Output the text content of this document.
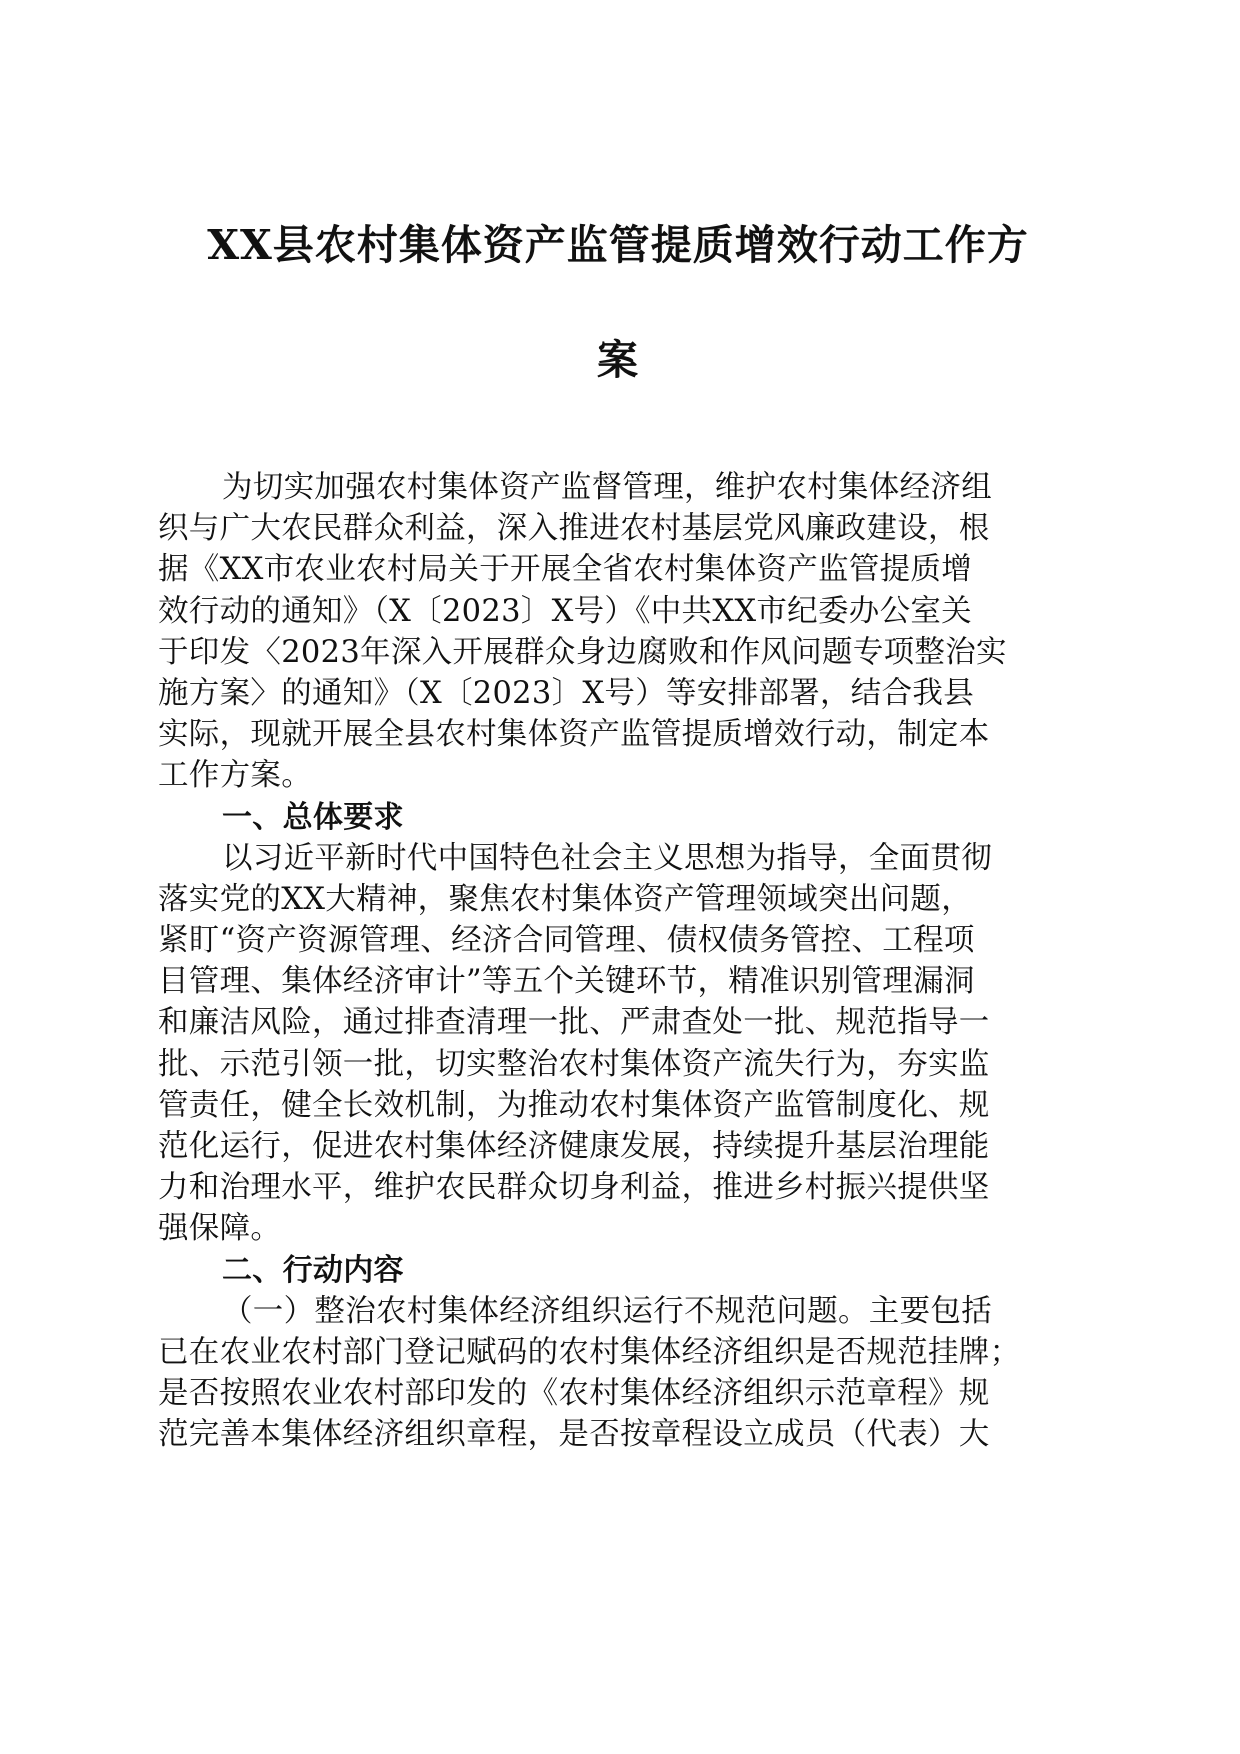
XX县农村集体资产监管提质增效行动工作方
案
为切实加强农村集体资产监督管理，维护农村集体经济组
织与广大农民群众利益，深入推进农村基层党风廉政建设，根
据《XX市农业农村局关于开展全省农村集体资产监管提质增
效行动的通知》（X〔2023〕X号）《中共XX市纪委办公室关
于印发〈2023年深入开展群众身边腐败和作风问题专项整治实
施方案〉的通知》（X〔2023〕X号）等安排部署，结合我县
实际，现就开展全县农村集体资产监管提质增效行动，制定本
工作方案。
一、总体要求
以习近平新时代中国特色社会主义思想为指导，全面贯彻
落实党的XX大精神，聚焦农村集体资产管理领域突出问题，
紧盯“资产资源管理、经济合同管理、债权债务管控、工程项
目管理、集体经济审计”等五个关键环节，精准识别管理漏洞
和廉洁风险，通过排查清理一批、严肃查处一批、规范指导一
批、示范引领一批，切实整治农村集体资产流失行为，夯实监
管责任，健全长效机制，为推动农村集体资产监管制度化、规
范化运行，促进农村集体经济健康发展，持续提升基层治理能
力和治理水平，维护农民群众切身利益，推进乡村振兴提供坚
强保障。
二、行动内容
（一）整治农村集体经济组织运行不规范问题。主要包括
已在农业农村部门登记赋码的农村集体经济组织是否规范挂牌；
是否按照农业农村部印发的《农村集体经济组织示范章程》规
范完善本集体经济组织章程，是否按章程设立成员（代表）大
